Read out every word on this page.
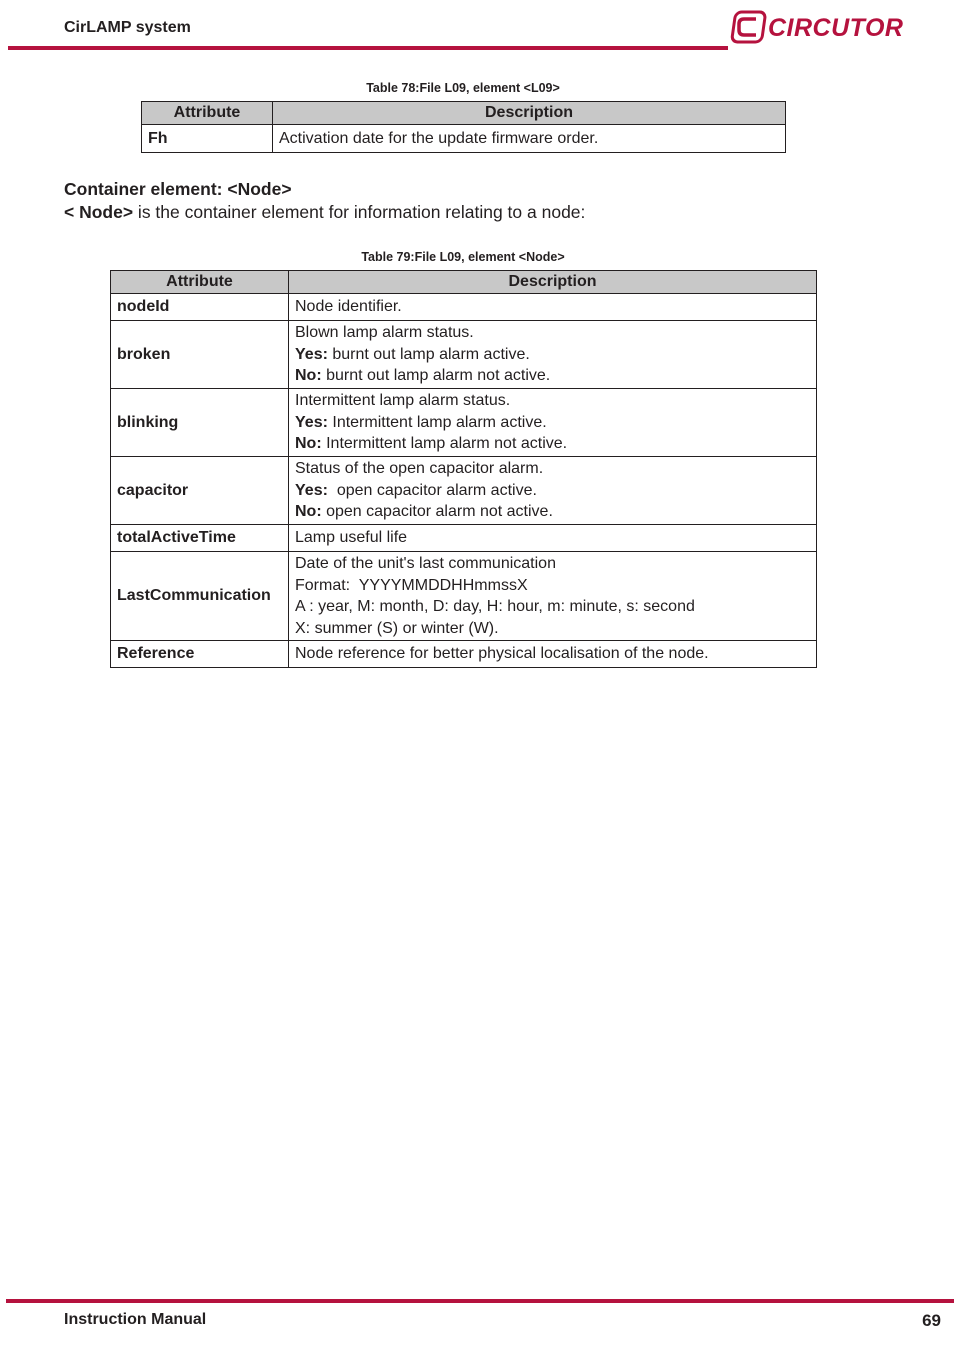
CirLAMP system	CIRCUTOR
Table 78:File L09, element <L09>
Attribute	Description
Fh	Activation date for the update firmware order.
Container element: <Node>
< Node> is the container element for information relating to a node:
Table 79:File L09, element <Node>
Attribute	Description
nodeId	Node identifier.

broken	Blown lamp alarm status.
Yes: burnt out lamp alarm active.
No: burnt out lamp alarm not active.

blinking	Intermittent lamp alarm status.
Yes: Intermittent lamp alarm active.
No: Intermittent lamp alarm not active.

capacitor	Status of the open capacitor alarm.
Yes:  open capacitor alarm active.
No: open capacitor alarm not active.

totalActiveTime	Lamp useful life

LastCommunication	Date of the unit's last communication
Format:  YYYYMMDDHHmmssX
A : year, M: month, D: day, H: hour, m: minute, s: second
X: summer (S) or winter (W).

Reference	Node reference for better physical localisation of the node.
Instruction Manual	69
